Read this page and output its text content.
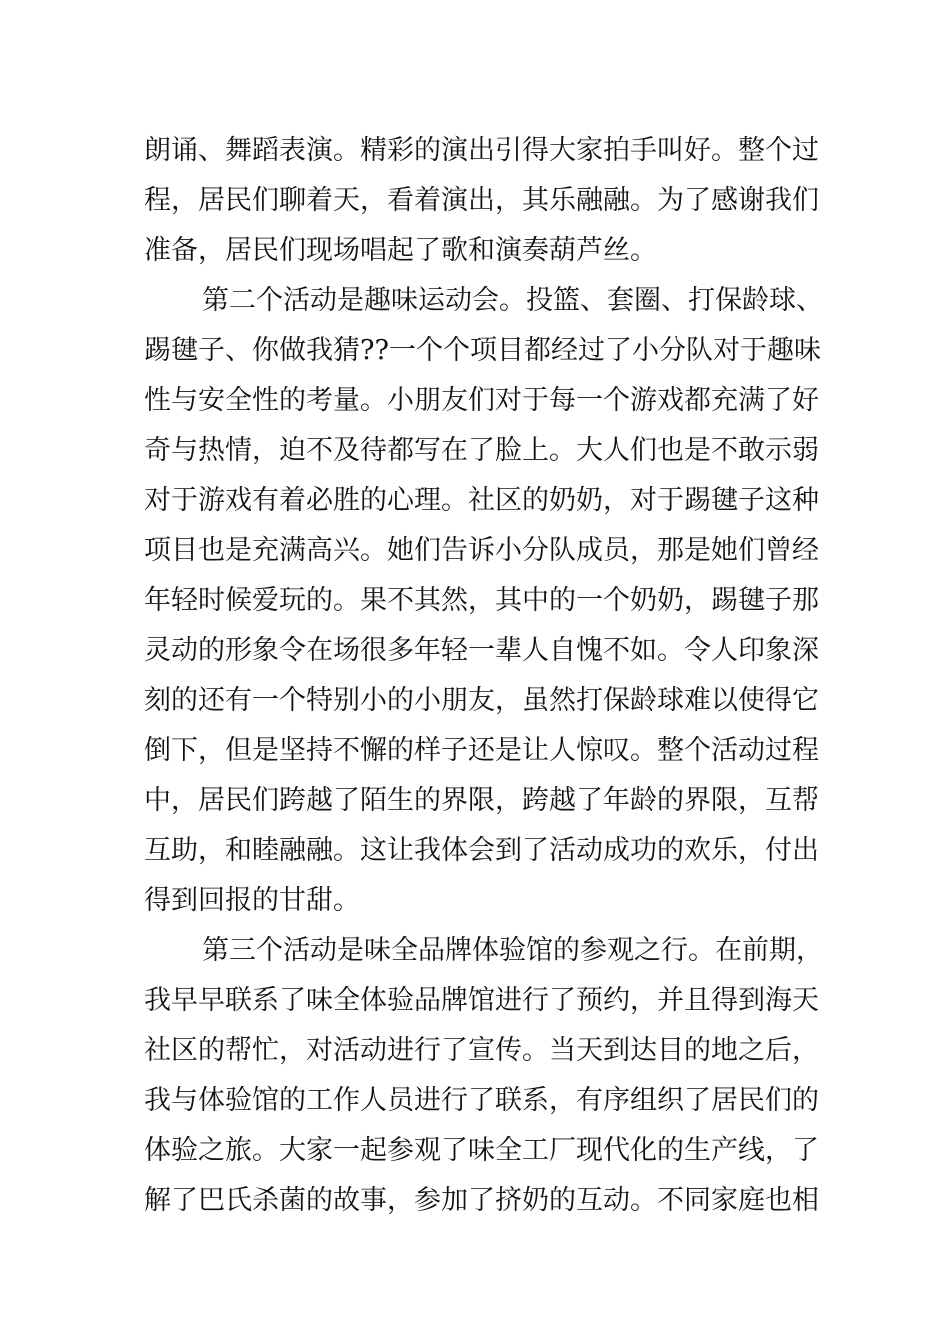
朗诵、舞蹈表演。精彩的演出引得大家拍手叫好。整个过
程，居民们聊着天，看着演出，其乐融融。为了感谢我们
准备，居民们现场唱起了歌和演奏葫芦丝。
第二个活动是趣味运动会。投篮、套圈、打保龄球、
踢毽子、你做我猜??一个个项目都经过了小分队对于趣味
性与安全性的考量。小朋友们对于每一个游戏都充满了好
奇与热情，迫不及待都写在了脸上。大人们也是不敢示弱
对于游戏有着必胜的心理。社区的奶奶，对于踢毽子这种
项目也是充满高兴。她们告诉小分队成员，那是她们曾经
年轻时候爱玩的。果不其然，其中的一个奶奶，踢毽子那
灵动的形象令在场很多年轻一辈人自愧不如。令人印象深
刻的还有一个特别小的小朋友，虽然打保龄球难以使得它
倒下，但是坚持不懈的样子还是让人惊叹。整个活动过程
中，居民们跨越了陌生的界限，跨越了年龄的界限，互帮
互助，和睦融融。这让我体会到了活动成功的欢乐，付出
得到回报的甘甜。
第三个活动是味全品牌体验馆的参观之行。在前期，
我早早联系了味全体验品牌馆进行了预约，并且得到海天
社区的帮忙，对活动进行了宣传。当天到达目的地之后，
我与体验馆的工作人员进行了联系，有序组织了居民们的
体验之旅。大家一起参观了味全工厂现代化的生产线，了
解了巴氏杀菌的故事，参加了挤奶的互动。不同家庭也相
